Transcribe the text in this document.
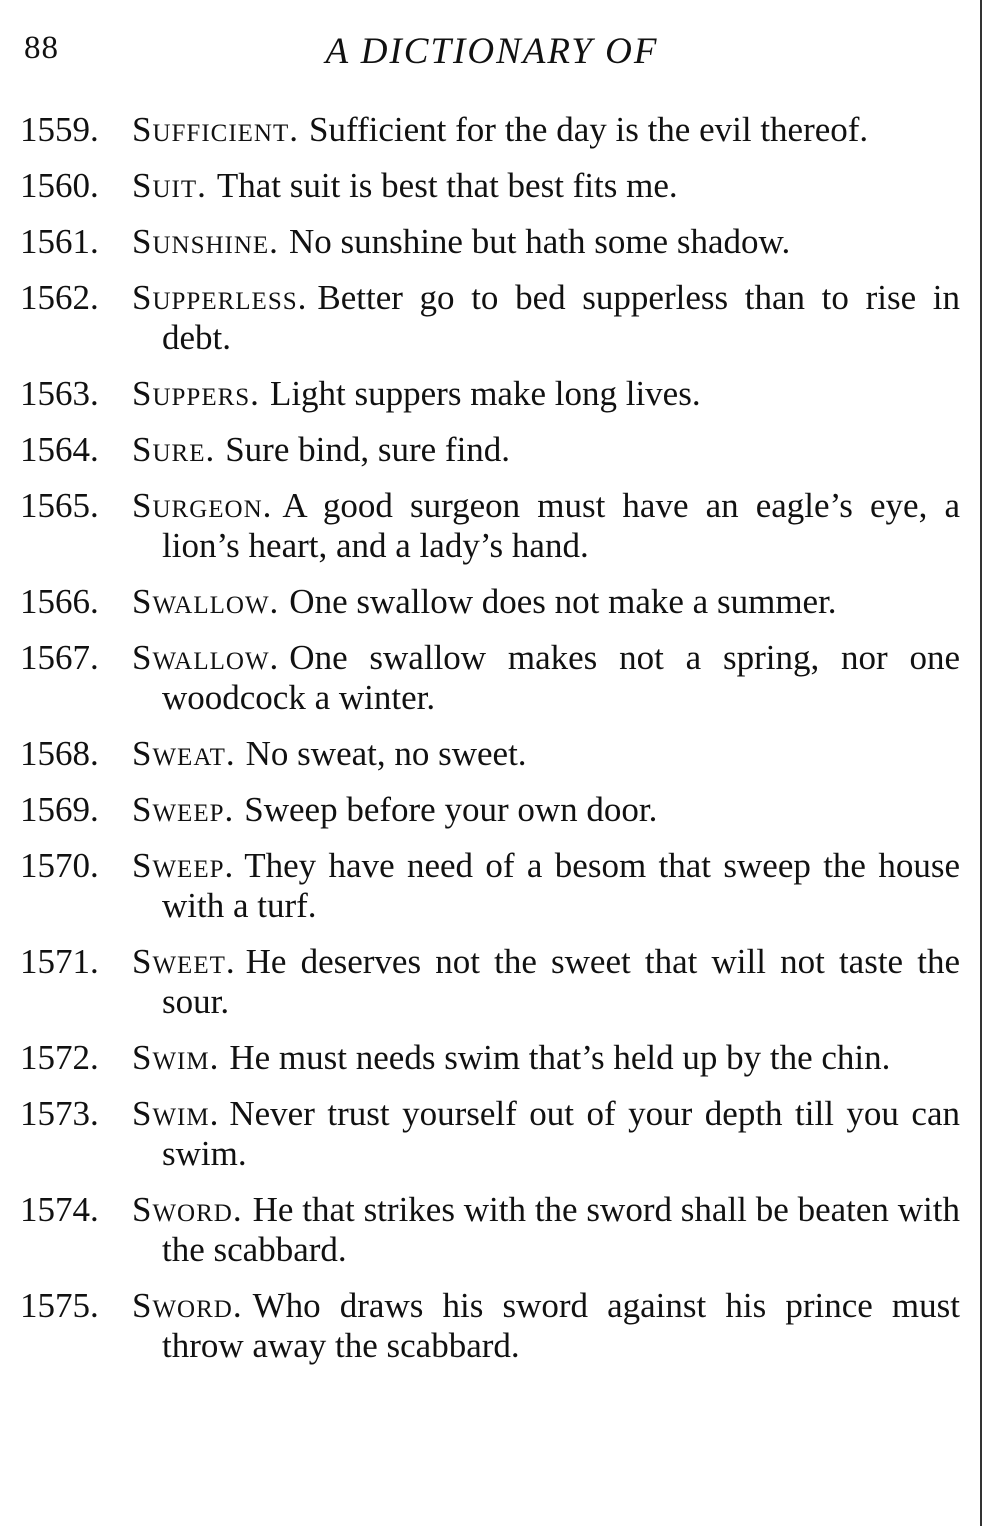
88	A DICTIONARY OF
1559. Sufficient. Sufficient for the day is the evil thereof.
1560. Suit. That suit is best that best fits me.
1561. Sunshine. No sunshine but hath some shadow.
1562. Supperless. Better go to bed supperless than to rise in debt.
1563. Suppers. Light suppers make long lives.
1564. Sure. Sure bind, sure find.
1565. Surgeon. A good surgeon must have an eagle’s eye, a lion’s heart, and a lady’s hand.
1566. Swallow. One swallow does not make a summer.
1567. Swallow. One swallow makes not a spring, nor one woodcock a winter.
1568. Sweat. No sweat, no sweet.
1569. Sweep. Sweep before your own door.
1570. Sweep. They have need of a besom that sweep the house with a turf.
1571. Sweet. He deserves not the sweet that will not taste the sour.
1572. Swim. He must needs swim that’s held up by the chin.
1573. Swim. Never trust yourself out of your depth till you can swim.
1574. Sword. He that strikes with the sword shall be beaten with the scabbard.
1575. Sword. Who draws his sword against his prince must throw away the scabbard.
